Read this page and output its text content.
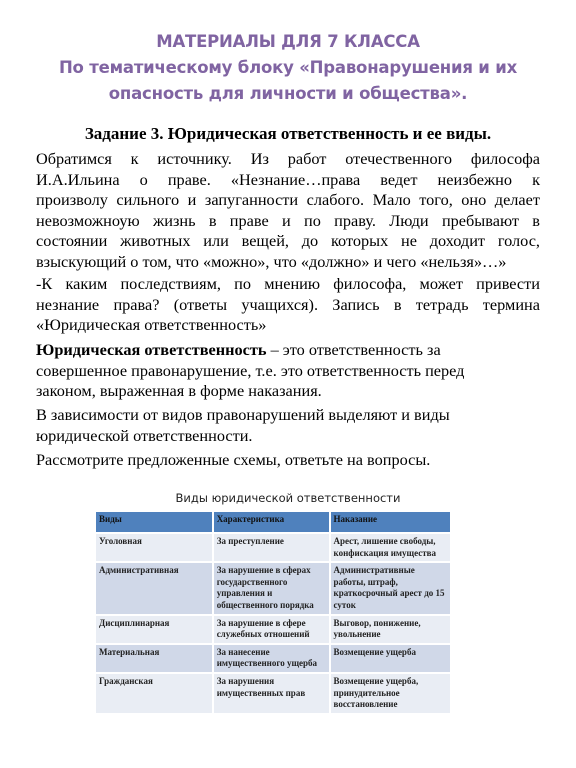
МАТЕРИАЛЫ ДЛЯ 7 КЛАССА
По тематическому блоку «Правонарушения и их
опасность для личности и общества».
Задание 3. Юридическая ответственность и ее виды.
Обратимся к источнику. Из работ отечественного философа
И.А.Ильина о праве. «Незнание…права ведет неизбежно к
произволу сильного и запуганности слабого. Мало того, оно делает
невозможноую жизнь в праве и по праву. Люди пребывают в
состоянии животных или вещей, до которых не доходит голос,
взыскующий о том, что «можно», что «должно» и чего «нельзя»…»
-К каким последствиям, по мнению философа, может привести
незнание права? (ответы учащихся). Запись в тетрадь термина
«Юридическая ответственность»
Юридическая ответственность – это ответственность за
совершенное правонарушение, т.е. это ответственность перед
законом, выраженная в форме наказания.
В зависимости от видов правонарушений выделяют и виды
юридической ответственности.
Рассмотрите предложенные схемы, ответьте на вопросы.
Виды юридической ответственности
Виды	Характеристика	Наказание
Уголовная	За преступление	Арест, лишение свободы, конфискация имущества
Административная	За нарушение в сферах государственного управления и общественного порядка	Административные работы, штраф, краткосрочный арест до 15 суток
Дисциплинарная	За нарушение в сфере служебных отношений	Выговор, понижение, увольнение
Материальная	За нанесение имущественного ущерба	Возмещение ущерба
Гражданская	За нарушения имущественных прав	Возмещение ущерба, принудительное восстановление
